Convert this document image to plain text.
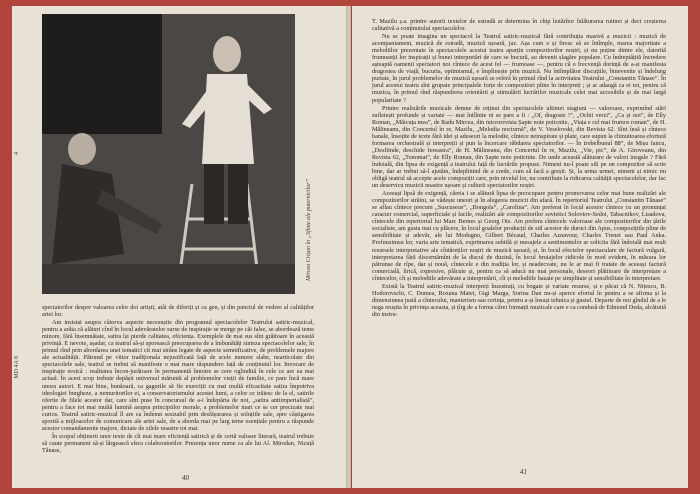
4
MD 4A 8
Mircea Crișan în „Sfinte ale puternicilor”

spectatorilor despre valoarea celor doi artiști, atât de diferiți și ca gen, și din punctul de vedere al calităților artei lor.

Am insistat asupra câtorva aspecte necesușite din programul spectacolelor Teatrului satiric-muzical, pentru a arăta că alături cînd în locul adevăratelor surse de inspirație se merge pe căi false, se abordează teme minore, fără însemnătate, satira își pierde calitatea, eficiența. Exemplele de mai sus sînt grăitoare în această privință. E nevoie, așadar, ca teatrul să-și sporească preocuparea de a îmbunătăți sinteza spectacolelor sale, în primul rînd prin abordarea unei tematici cit mai strâns legate de aspecte semnificative, de problemele majore ale actualității. Pătrund pe viitor tradiționala nejustificată față de scele numere slabe, nearticolate din spectacolele sale, teatrul se trebui să manifeste o mai mare răspundere față de conținutul lor. Invocare de inspirație eroică : realitatea încon-jurătoare în permanentă înnoire se cere oglindită în cele ce are ea mai actual. În acest scop trebuie depășit universul măruntă al problemelor vieții de familie, ce pare încă mare unora autori. E mai bine, bunăoară, ca gagurile să fie exerciții cu mai multă eficacitate satira împotriva ideologiei burgheze, a nemuritorilor ei, a conservatorismului acestei lumi, a celor ce trăiesc de la el, satirile oferite de filele acestor dar, care sînt puse în concursul de a-i îndepărta de noi, „satira antiimperialistă”, pentru a face tot mai multă lumină asupra principiilor morale, a problemelor mari ce se cer precizate mai curios. Teatrul satiric-muzical îl are ca îndemn sesizabil prin desfășurarea și soluțiile sale, spre câștigarea sporită a mijloacelor de comunicare ale artei sale, de a aborda mai pe larg teme esențiale pentru a răspunde acestor comandamente majore, dictate de zilele noastre tot mai.

În scopul obținerii unor texte de cît mai mare eficiență satirică și de certă valoare literară, teatrul trebuie să caute permanent să-și lărgească sfera colaboratorilor. Prezența unor nume ca ale lui Al. Mirodan, Nicuță Tănase,

40

T. Mazilu ș.a. printre autorii textelor de estradă ar determina în chip hotărîtor înlăturarea rutinei și deci creșterea calitativă a conținutului spectacolelor.

Nu se poate imagina un spectacol la Teatrul satiric-muzical fără contribuția masivă a muzicii : muzică de acompaniament, muzică de estradă, muzică ușoară, jaz. Așa cum e și firesc să se întîmple, marea majoritate a melodiilor prezentate în spectacolele acestui teatru aparțin compozitorilor noștri, și nu puține dintre ele, datorită frumuseții lor inspirații și bunei interpretări de care se bucură, au devenit șlagăre populare. Cu îndreptățită încredere așteaptă oamenii spectatori noi cîntece de acest fel — frumoase —, pentru că o frecvență dorință de a-și manifesta dragostea de viață, bucuria, optimismul, e împlinește prin muzică. Nu întîmplător discuțiile, binevenite și îndelung purtate, în jurul problemelor de muzică ușoară se referă în primul rînd la activitatea Teatrului „Constantin Tănase”. În jurul acestui teatru sînt grupate principalele forțe de compozitori pline în interpreți ; și ar adaugă ca ei tot, pentru că muzica, în primul rînd răspunderea orientării și stimulării lucrărilor muzicale celei mai accesibile și de mai largă popularitate ?

Printre realizările muzicale demne de reținut din spectacolele ultimei stagiuni — valoroase, exprimînd stări sufletești profunde și variate — mai întîlnite ni se pare a fi : „Of, dragoste !”, „Ochii verzi”, „Ca și noi”, de Elly Roman, „Măicuța mea”, de Radu Mircea, din microrevista Șapte note poticnite, „Viața e cel mai frumos roman”, de H. Mălineanu, din Concertul în re, Mazilu, „Melodia nocturnă”, de V. Veselovski, din Revista 62. Sînt însă și cîntece banale, însoțite de texte fără idei și adeseori la melodie, cîntece neinspirate și plate, care supun la chinuitoarea efortură formarea orchestrală și interpreții și pun la încercare răbdarea spectatorilor. — În trobelbunul 88”, de Mișu Iancu, „Desfiinde, deschide fereastra”, de H. Mălineanu, din Concertul în re, Mazilu, „Vie, pic”, de A. Giroveanu, din Revista 62, „Tonomat”, de Elly Roman, din Șapte note poticnite. De unde această alăturare de valori inegale ? Fără îndoială, din lipsa de exigență a teatrului față de lucrările propuse. Nimeni nu-l poate sili pe un compozitor să scrie bine, dar ar trebui să-l ajutăm, îndeplinind de a crede, cum să facă a greșit. Și, la urma urmei, nimeni și nimic nu obligă teatrul să accepte acele compoziții care, prin nivelul lor, nu contribuie la ridicarea calității spectacolelor, dar fac un deservicu muzicii noastre ușoare și culturii spectatorilor noștri.

Aceeași lipsă de exigență, căreia i se alătură lipsa de preocupare pentru promovarea celor mai bune realizări ale compozitorilor străini, se vădește uneori și în alegerea muzicii din afară. În repertoriul Teatrului „Constantin Tănase” se aflau cîntece precum „Suscuseus”, „Bongola”, „Carolina”. Am preferat în locul acestor cîntece cu un pronunțat caracter comercial, superficiale și facile, realizări ale compozitorilor sovietici Soloviov-Sedoi, Tabacnikov, Lisadova, cîntecele din repertoriul lui Marc Bernes și Georg Ots. Am prefera cîntecele valoroase ale compozitorilor din țările socialiste, am gusta mai cu plăcere, în locul goalelor producții de stil acestor de duruci din Apus, compozițiile pline de sensibilitate și adevăr, ale lui Modugno, Gilbert Bécaud, Charles Aznavour, Charles Trenet sau Paul Anka. Profunzimea lor, varia arte tematică, exprimarea subtilă și mesajele a sentimentelor ar solicita fără îndoială mai mult resursele interpretative ale cîntăreților noștri de muzică ușoară, și, în locul efectelor spectaculare de factură vulgară, interpretarea fără discernămînt de la discul de duzină, în locul bruiajelor ridicole în mod evident, în măsura lor pătrunse de rîpe, dar și nouă, cîntecele e din tradiția lor, și neadecvate, nu le ar mai fi tratate de aceeași factură comercială, lirică, expresive, plăcute și, pentru ca să aducă nu mai personale, deseori plătitoare de interpretare a cîntecelor, cît și melodiile adevărate a interpretării, cît și melodiile bazate pe simplitate și sensibilitate în interpretare.

Există la Teatrul satiric-muzical interpreți înzestrați, cu bogate și variate resurse, și e păcat că N. Nițescu, B. Hodorovschi, C. Dumea, Roxana Matei, Gigi Marga, Sorina Dan nu-și aperce efortul în pentru a se afirma și la dimensiunea justă a cîntecului, manierism sau cerința, pentru a-și însuși tehnica și gustul. Departe de noi gîndul de a le nega reușita în privința aceasta, și țîrg de a forma cărei formații muzicale care e ca condusă de Edmond Deda, alcătuită din instru-

41
